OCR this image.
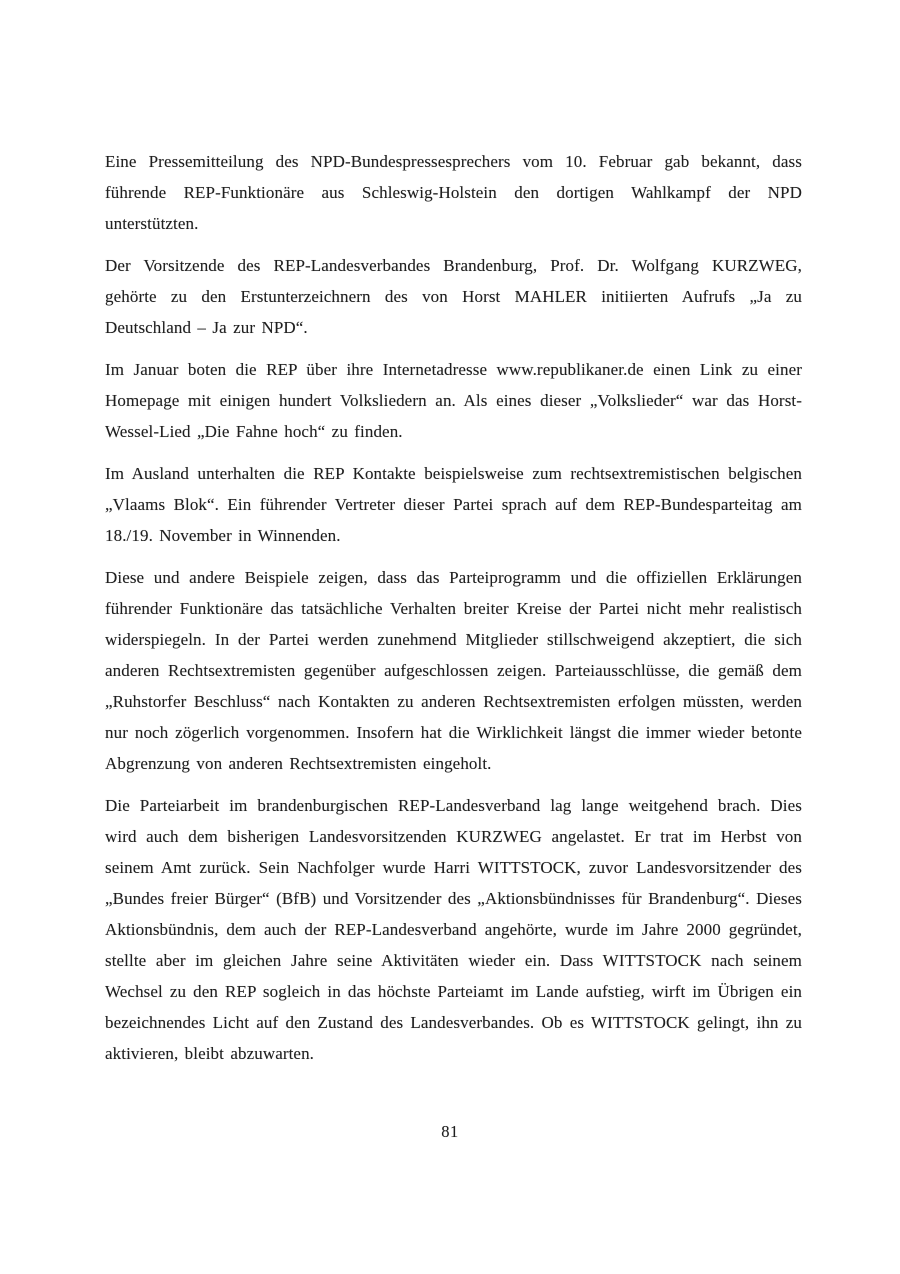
Eine Pressemitteilung des NPD-Bundespressesprechers vom 10. Februar gab bekannt, dass führende REP-Funktionäre aus Schleswig-Holstein den dortigen Wahlkampf der NPD unterstützten.

Der Vorsitzende des REP-Landesverbandes Brandenburg, Prof. Dr. Wolfgang KURZWEG, gehörte zu den Erstunterzeichnern des von Horst MAHLER initiierten Aufrufs „Ja zu Deutschland – Ja zur NPD“.

Im Januar boten die REP über ihre Internetadresse www.republikaner.de einen Link zu einer Homepage mit einigen hundert Volksliedern an. Als eines dieser „Volkslieder“ war das Horst-Wessel-Lied „Die Fahne hoch“ zu finden.

Im Ausland unterhalten die REP Kontakte beispielsweise zum rechtsextremistischen belgischen „Vlaams Blok“. Ein führender Vertreter dieser Partei sprach auf dem REP-Bundesparteitag am 18./19. November in Winnenden.

Diese und andere Beispiele zeigen, dass das Parteiprogramm und die offiziellen Erklärungen führender Funktionäre das tatsächliche Verhalten breiter Kreise der Partei nicht mehr realistisch widerspiegeln. In der Partei werden zunehmend Mitglieder stillschweigend akzeptiert, die sich anderen Rechtsextremisten gegenüber aufgeschlossen zeigen. Parteiausschlüsse, die gemäß dem „Ruhstorfer Beschluss“ nach Kontakten zu anderen Rechtsextremisten erfolgen müssten, werden nur noch zögerlich vorgenommen. Insofern hat die Wirklichkeit längst die immer wieder betonte Abgrenzung von anderen Rechtsextremisten eingeholt.

Die Parteiarbeit im brandenburgischen REP-Landesverband lag lange weitgehend brach. Dies wird auch dem bisherigen Landesvorsitzenden KURZWEG angelastet. Er trat im Herbst von seinem Amt zurück. Sein Nachfolger wurde Harri WITTSTOCK, zuvor Landesvorsitzender des „Bundes freier Bürger“ (BfB) und Vorsitzender des „Aktionsbündnisses für Brandenburg“. Dieses Aktionsbündnis, dem auch der REP-Landesverband angehörte, wurde im Jahre 2000 gegründet, stellte aber im gleichen Jahre seine Aktivitäten wieder ein. Dass WITTSTOCK nach seinem Wechsel zu den REP sogleich in das höchste Parteiamt im Lande aufstieg, wirft im Übrigen ein bezeichnendes Licht auf den Zustand des Landesverbandes. Ob es WITTSTOCK gelingt, ihn zu aktivieren, bleibt abzuwarten.

81
